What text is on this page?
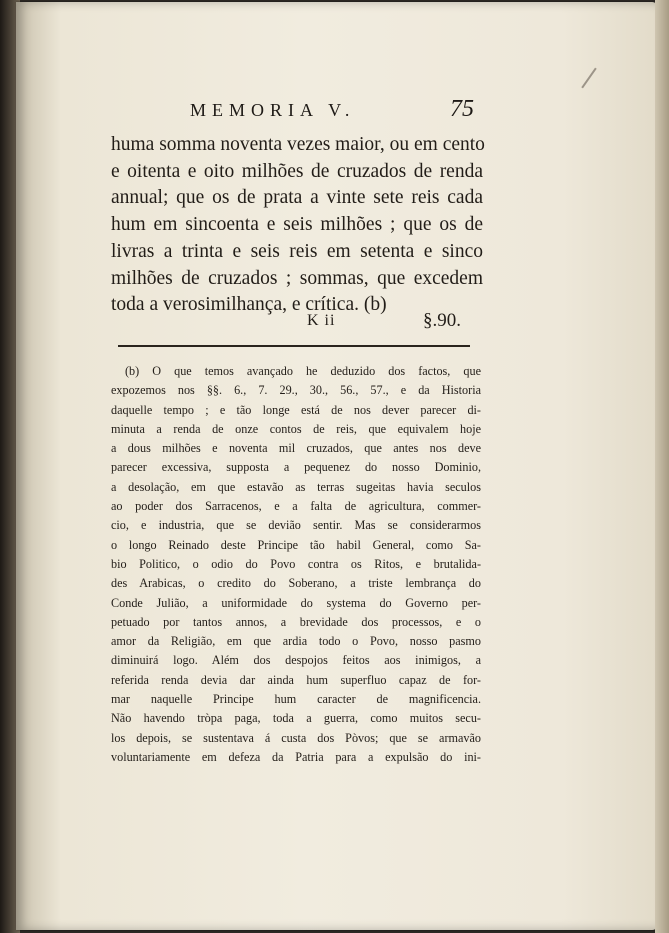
MEMORIA V.	75
huma somma noventa vezes maior, ou em cento
e oitenta e oito milhões de cruzados de renda
annual; que os de prata a vinte sete reis cada
hum em sincoenta e seis milhões ; que os de
livras a trinta e seis reis em setenta e sinco
milhões de cruzados ; sommas, que excedem
toda a verosimilhança, e crítica. (b)
K ii	§.90.
(b) O que temos avançado he deduzido dos factos, que
expozemos nos §§. 6., 7. 29., 30., 56., 57., e da Historia
daquelle tempo ; e tão longe está de nos dever parecer di-
minuta a renda de onze contos de reis, que equivalem hoje
a dous milhões e noventa mil cruzados, que antes nos deve
parecer excessiva, supposta a pequenez do nosso Dominio,
a desolação, em que estavão as terras sugeitas havia seculos
ao poder dos Sarracenos, e a falta de agricultura, commer-
cio, e industria, que se devião sentir. Mas se considerarmos
o longo Reinado deste Principe tão habil General, como Sa-
bio Politico, o odio do Povo contra os Ritos, e brutalida-
des Arabicas, o credito do Soberano, a triste lembrança do
Conde Julião, a uniformidade do systema do Governo per-
petuado por tantos annos, a brevidade dos processos, e o
amor da Religião, em que ardia todo o Povo, nosso pasmo
diminuirá logo. Além dos despojos feitos aos inimigos, a
referida renda devia dar ainda hum superfluo capaz de for-
mar naquelle Principe hum caracter de magnificencia.
Não havendo tròpa paga, toda a guerra, como muitos secu-
los depois, se sustentava á custa dos Pòvos; que se armavão
voluntariamente em defeza da Patria para a expulsão do ini-
